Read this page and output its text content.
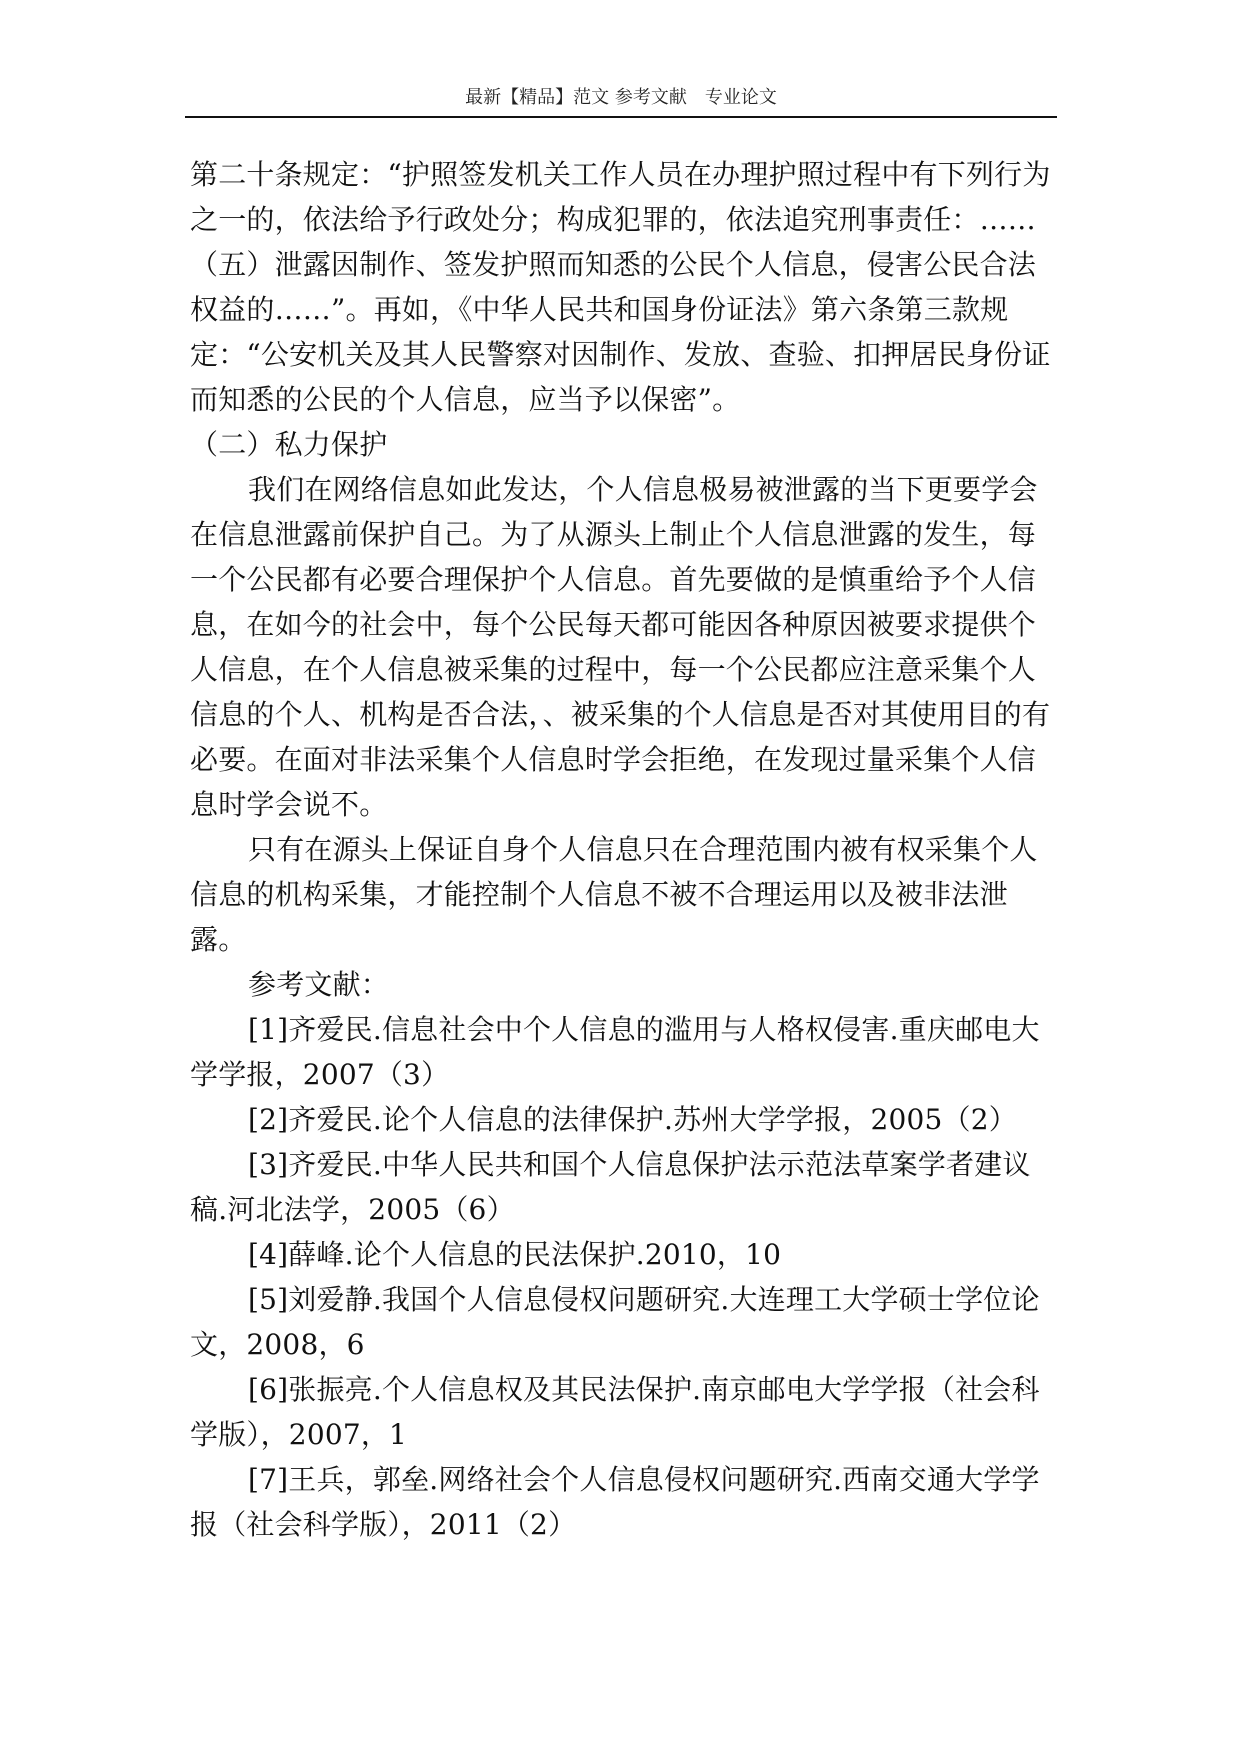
最新【精品】范文 参考文献　专业论文

第二十条规定：“护照签发机关工作人员在办理护照过程中有下列行为之一的，依法给予行政处分；构成犯罪的，依法追究刑事责任：……（五）泄露因制作、签发护照而知悉的公民个人信息，侵害公民合法权益的……”。再如，《中华人民共和国身份证法》第六条第三款规定：“公安机关及其人民警察对因制作、发放、查验、扣押居民身份证而知悉的公民的个人信息，应当予以保密”。

（二）私力保护

我们在网络信息如此发达，个人信息极易被泄露的当下更要学会在信息泄露前保护自己。为了从源头上制止个人信息泄露的发生，每一个公民都有必要合理保护个人信息。首先要做的是慎重给予个人信息，在如今的社会中，每个公民每天都可能因各种原因被要求提供个人信息，在个人信息被采集的过程中，每一个公民都应注意采集个人信息的个人、机构是否合法，、被采集的个人信息是否对其使用目的有必要。在面对非法采集个人信息时学会拒绝，在发现过量采集个人信息时学会说不。

只有在源头上保证自身个人信息只在合理范围内被有权采集个人信息的机构采集，才能控制个人信息不被不合理运用以及被非法泄露。

参考文献：

[1]齐爱民.信息社会中个人信息的滥用与人格权侵害.重庆邮电大学学报，2007（3）

[2]齐爱民.论个人信息的法律保护.苏州大学学报，2005（2）

[3]齐爱民.中华人民共和国个人信息保护法示范法草案学者建议稿.河北法学，2005（6）

[4]薛峰.论个人信息的民法保护.2010，10

[5]刘爱静.我国个人信息侵权问题研究.大连理工大学硕士学位论文，2008，6

[6]张振亮.个人信息权及其民法保护.南京邮电大学学报（社会科学版），2007，1

[7]王兵，郭垒.网络社会个人信息侵权问题研究.西南交通大学学报（社会科学版），2011（2）
